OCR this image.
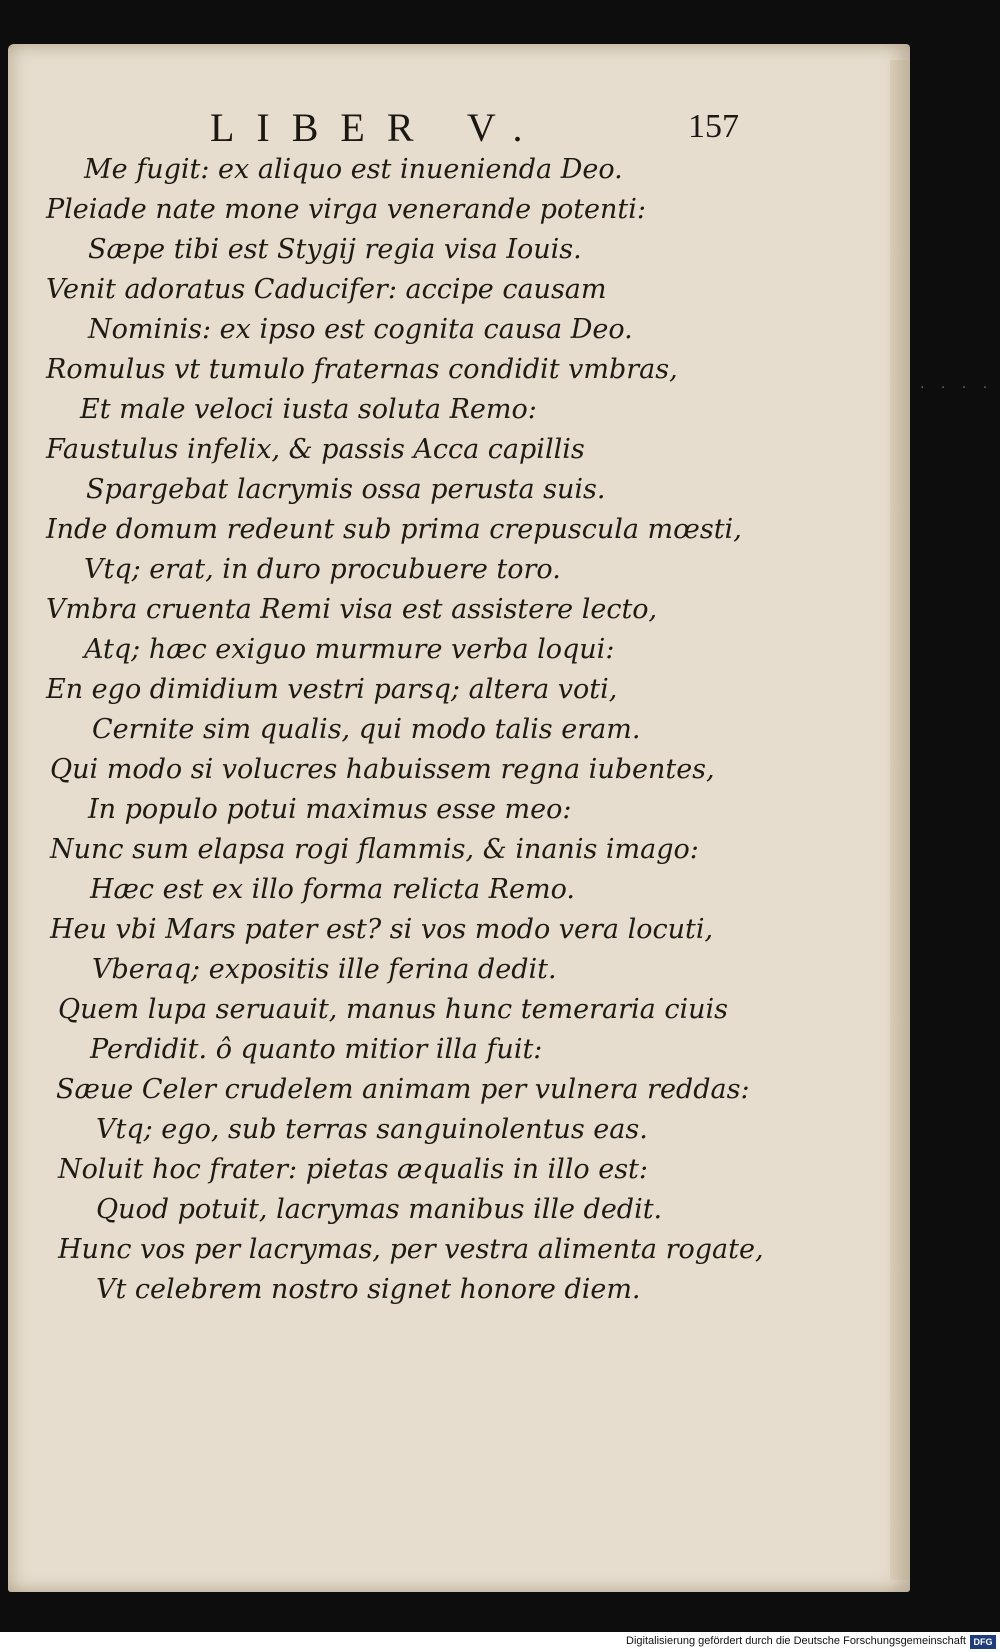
· · · ·
LIBER V.	157
Me fugit: ex aliquo est inuenienda Deo.
Pleiade nate mone virga venerande potenti:
Sæpe tibi est Stygij regia visa Iouis.
Venit adoratus Caducifer: accipe causam
Nominis: ex ipso est cognita causa Deo.
Romulus vt tumulo fraternas condidit vmbras,
Et male veloci iusta soluta Remo:
Faustulus infelix, & passis Acca capillis
Spargebat lacrymis ossa perusta suis.
Inde domum redeunt sub prima crepuscula mœsti,
Vtq; erat, in duro procubuere toro.
Vmbra cruenta Remi visa est assistere lecto,
Atq; hæc exiguo murmure verba loqui:
En ego dimidium vestri parsq; altera voti,
Cernite sim qualis, qui modo talis eram.
Qui modo si volucres habuissem regna iubentes,
In populo potui maximus esse meo:
Nunc sum elapsa rogi flammis, & inanis imago:
Hæc est ex illo forma relicta Remo.
Heu vbi Mars pater est? si vos modo vera locuti,
Vberaq; expositis ille ferina dedit.
Quem lupa seruauit, manus hunc temeraria ciuis
Perdidit. ô quanto mitior illa fuit:
Sæue Celer crudelem animam per vulnera reddas:
Vtq; ego, sub terras sanguinolentus eas.
Noluit hoc frater: pietas æqualis in illo est:
Quod potuit, lacrymas manibus ille dedit.
Hunc vos per lacrymas, per vestra alimenta rogate,
Vt celebrem nostro signet honore diem.
Digitalisierung gefördert durch die Deutsche Forschungsgemeinschaft DFG
